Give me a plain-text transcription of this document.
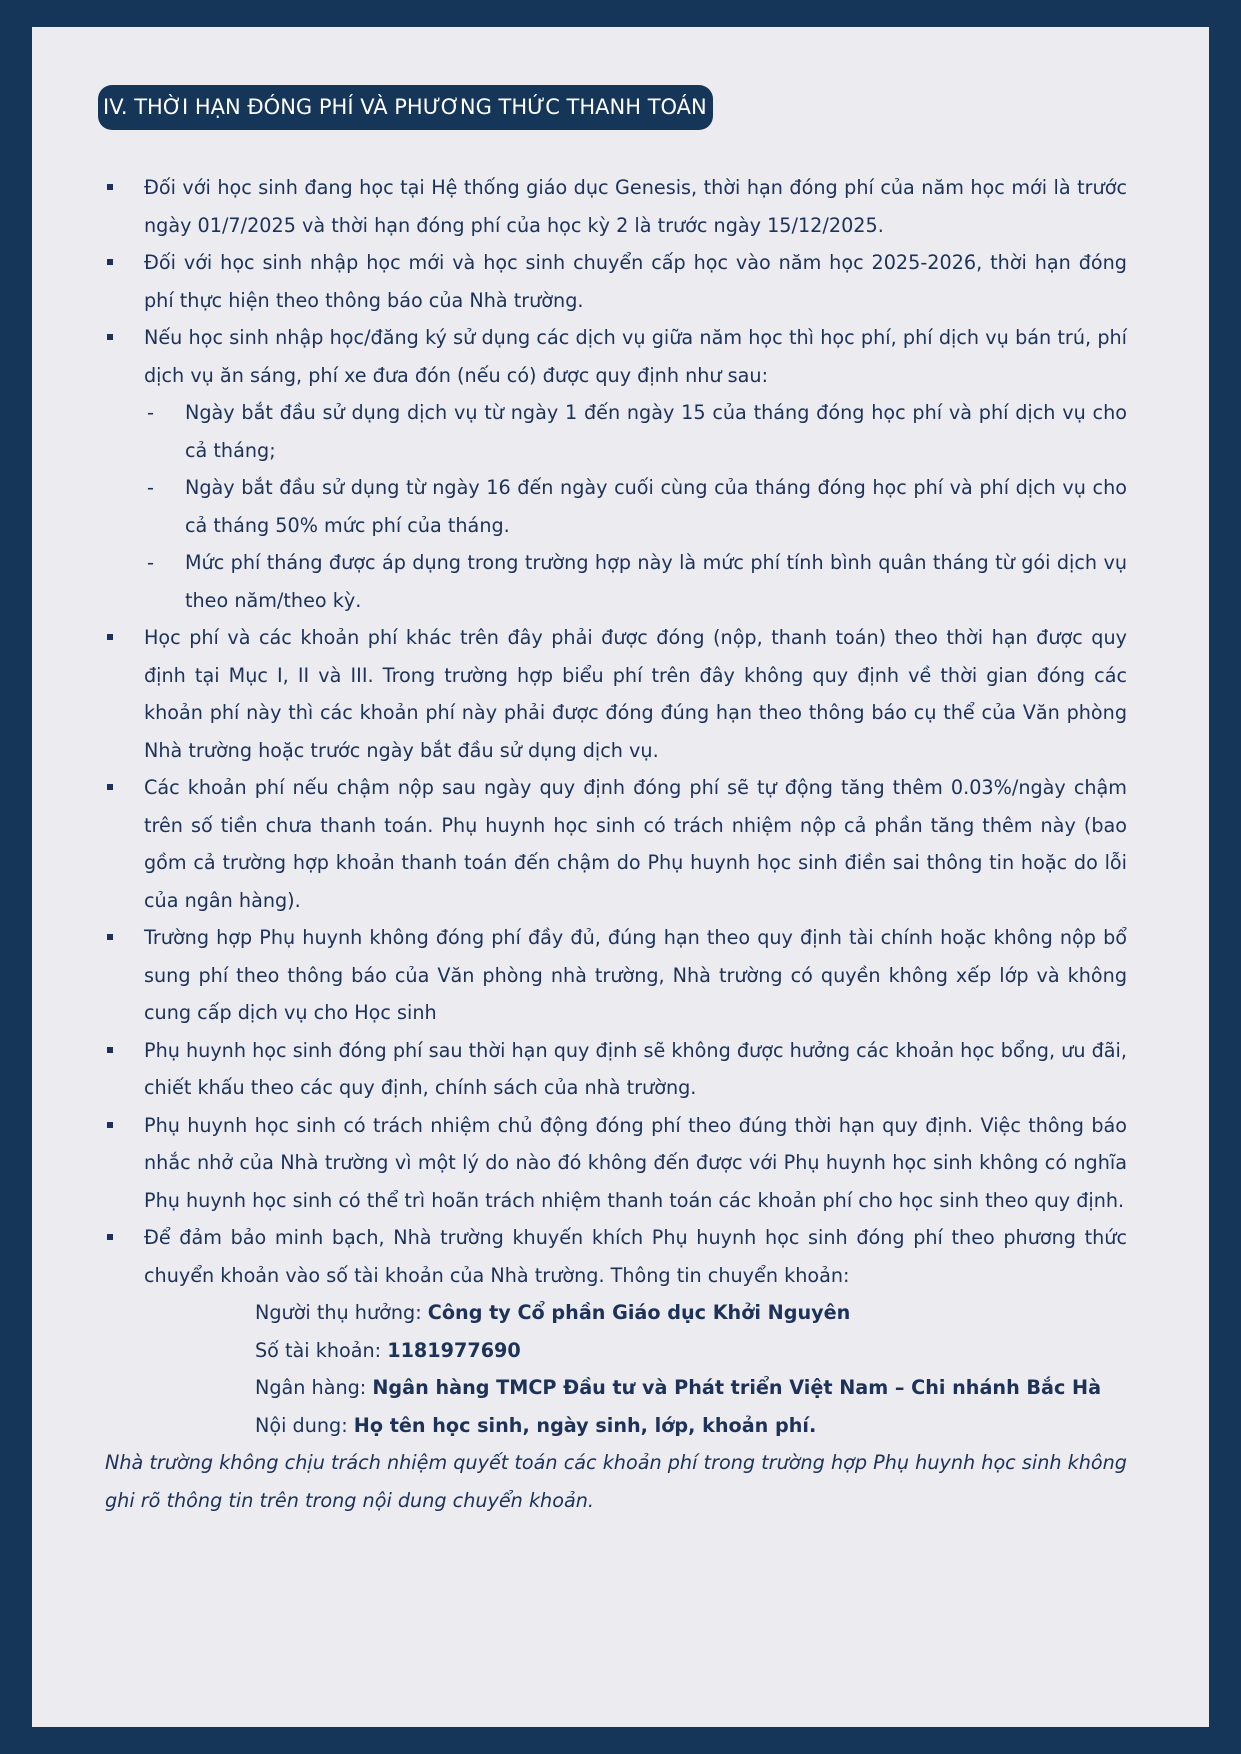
IV. THỜI HẠN ĐÓNG PHÍ VÀ PHƯƠNG THỨC THANH TOÁN
Đối với học sinh đang học tại Hệ thống giáo dục Genesis, thời hạn đóng phí của năm học mới là trước ngày 01/7/2025 và thời hạn đóng phí của học kỳ 2 là trước ngày 15/12/2025.
Đối với học sinh nhập học mới và học sinh chuyển cấp học vào năm học 2025-2026, thời hạn đóng phí thực hiện theo thông báo của Nhà trường.
Nếu học sinh nhập học/đăng ký sử dụng các dịch vụ giữa năm học thì học phí, phí dịch vụ bán trú, phí dịch vụ ăn sáng, phí xe đưa đón (nếu có) được quy định như sau:
- Ngày bắt đầu sử dụng dịch vụ từ ngày 1 đến ngày 15 của tháng đóng học phí và phí dịch vụ cho cả tháng;
- Ngày bắt đầu sử dụng từ ngày 16 đến ngày cuối cùng của tháng đóng học phí và phí dịch vụ cho cả tháng 50% mức phí của tháng.
- Mức phí tháng được áp dụng trong trường hợp này là mức phí tính bình quân tháng từ gói dịch vụ theo năm/theo kỳ.
Học phí và các khoản phí khác trên đây phải được đóng (nộp, thanh toán) theo thời hạn được quy định tại Mục I, II và III. Trong trường hợp biểu phí trên đây không quy định về thời gian đóng các khoản phí này thì các khoản phí này phải được đóng đúng hạn theo thông báo cụ thể của Văn phòng Nhà trường hoặc trước ngày bắt đầu sử dụng dịch vụ.
Các khoản phí nếu chậm nộp sau ngày quy định đóng phí sẽ tự động tăng thêm 0.03%/ngày chậm trên số tiền chưa thanh toán. Phụ huynh học sinh có trách nhiệm nộp cả phần tăng thêm này (bao gồm cả trường hợp khoản thanh toán đến chậm do Phụ huynh học sinh điền sai thông tin hoặc do lỗi của ngân hàng).
Trường hợp Phụ huynh không đóng phí đầy đủ, đúng hạn theo quy định tài chính hoặc không nộp bổ sung phí theo thông báo của Văn phòng nhà trường, Nhà trường có quyền không xếp lớp và không cung cấp dịch vụ cho Học sinh
Phụ huynh học sinh đóng phí sau thời hạn quy định sẽ không được hưởng các khoản học bổng, ưu đãi, chiết khấu theo các quy định, chính sách của nhà trường.
Phụ huynh học sinh có trách nhiệm chủ động đóng phí theo đúng thời hạn quy định. Việc thông báo nhắc nhở của Nhà trường vì một lý do nào đó không đến được với Phụ huynh học sinh không có nghĩa Phụ huynh học sinh có thể trì hoãn trách nhiệm thanh toán các khoản phí cho học sinh theo quy định.
Để đảm bảo minh bạch, Nhà trường khuyến khích Phụ huynh học sinh đóng phí theo phương thức chuyển khoản vào số tài khoản của Nhà trường. Thông tin chuyển khoản:
Người thụ hưởng: Công ty Cổ phần Giáo dục Khởi Nguyên
Số tài khoản: 1181977690
Ngân hàng: Ngân hàng TMCP Đầu tư và Phát triển Việt Nam – Chi nhánh Bắc Hà
Nội dung: Họ tên học sinh, ngày sinh, lớp, khoản phí.
Nhà trường không chịu trách nhiệm quyết toán các khoản phí trong trường hợp Phụ huynh học sinh không ghi rõ thông tin trên trong nội dung chuyển khoản.
